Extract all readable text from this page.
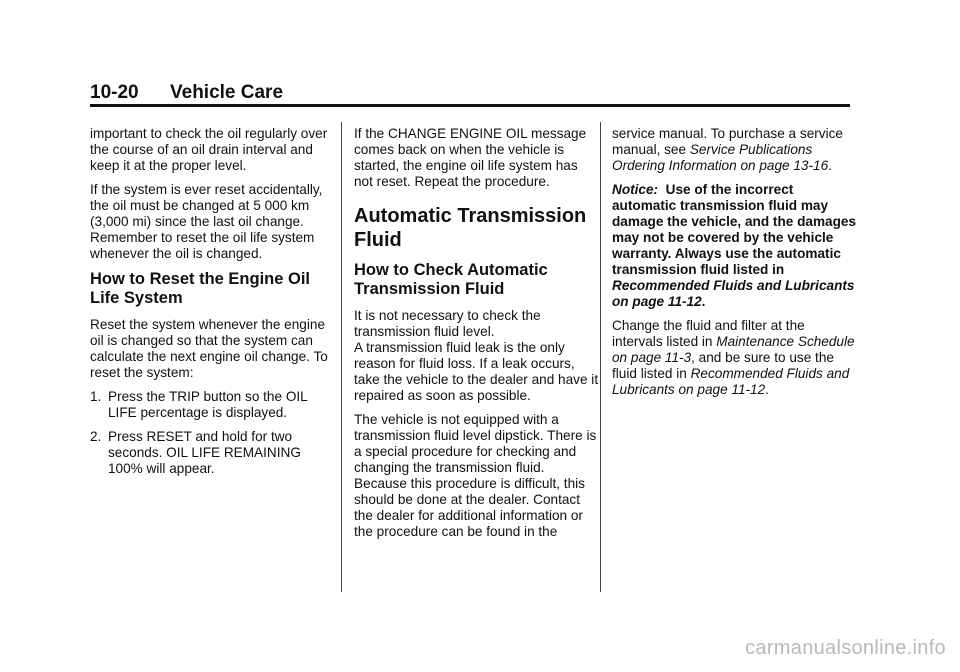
10-20 Vehicle Care

important to check the oil regularly over the course of an oil drain interval and keep it at the proper level.

If the system is ever reset accidentally, the oil must be changed at 5 000 km (3,000 mi) since the last oil change. Remember to reset the oil life system whenever the oil is changed.

How to Reset the Engine Oil Life System

Reset the system whenever the engine oil is changed so that the system can calculate the next engine oil change. To reset the system:

1. Press the TRIP button so the OIL LIFE percentage is displayed.
2. Press RESET and hold for two seconds. OIL LIFE REMAINING 100% will appear.

If the CHANGE ENGINE OIL message comes back on when the vehicle is started, the engine oil life system has not reset. Repeat the procedure.

Automatic Transmission Fluid
How to Check Automatic Transmission Fluid

It is not necessary to check the transmission fluid level.
A transmission fluid leak is the only reason for fluid loss. If a leak occurs, take the vehicle to the dealer and have it repaired as soon as possible.

The vehicle is not equipped with a transmission fluid level dipstick. There is a special procedure for checking and changing the transmission fluid. Because this procedure is difficult, this should be done at the dealer. Contact the dealer for additional information or the procedure can be found in the

service manual. To purchase a service manual, see Service Publications Ordering Information on page 13-16.

Notice: Use of the incorrect automatic transmission fluid may damage the vehicle, and the damages may not be covered by the vehicle warranty. Always use the automatic transmission fluid listed in Recommended Fluids and Lubricants on page 11-12.

Change the fluid and filter at the intervals listed in Maintenance Schedule on page 11-3, and be sure to use the fluid listed in Recommended Fluids and Lubricants on page 11-12.

carmanualsonline.info
